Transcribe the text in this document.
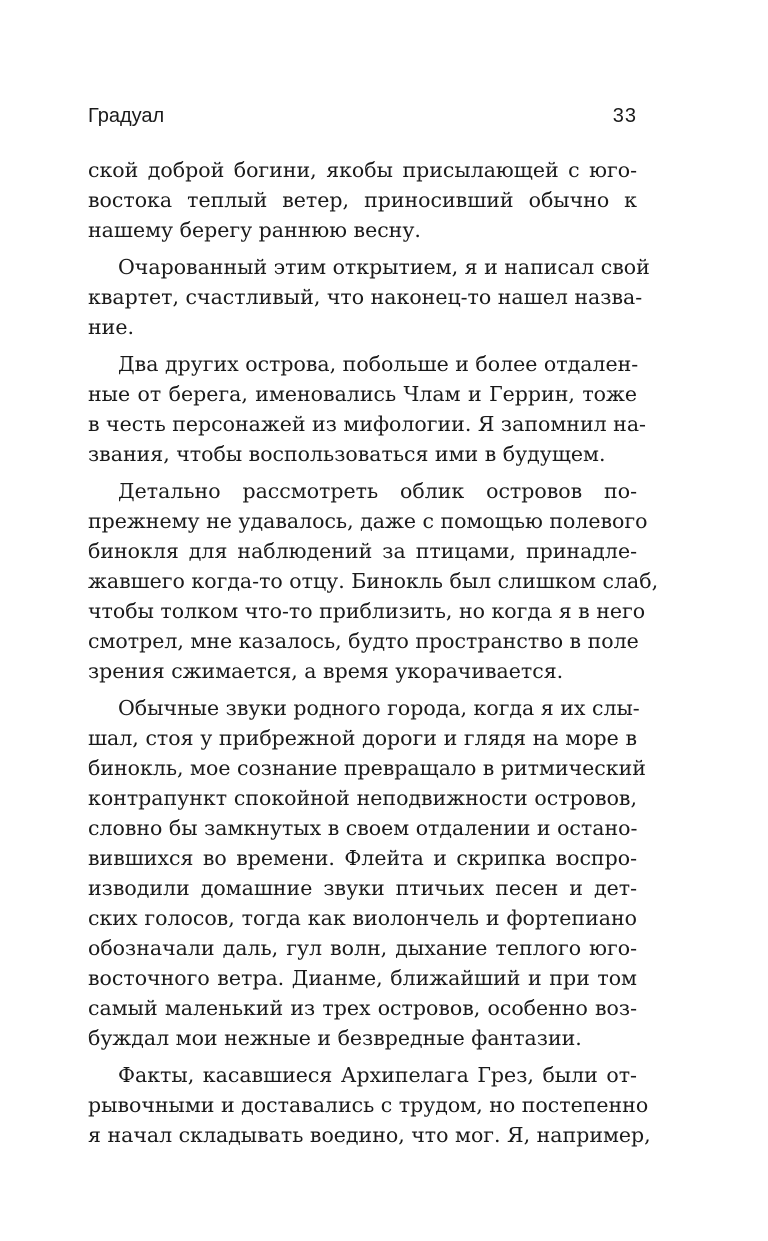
Градуал	33

ской доброй богини, якобы присылающей с юго-
востока теплый ветер, приносивший обычно к
нашему берегу раннюю весну.

Очарованный этим открытием, я и написал свой
квартет, счастливый, что наконец-то нашел назва-
ние.

Два других острова, побольше и более отдален-
ные от берега, именовались Члам и Геррин, тоже
в честь персонажей из мифологии. Я запомнил на-
звания, чтобы воспользоваться ими в будущем.

Детально рассмотреть облик островов по-
прежнему не удавалось, даже с помощью полевого
бинокля для наблюдений за птицами, принадле-
жавшего когда-то отцу. Бинокль был слишком слаб,
чтобы толком что-то приблизить, но когда я в него
смотрел, мне казалось, будто пространство в поле
зрения сжимается, а время укорачивается.

Обычные звуки родного города, когда я их слы-
шал, стоя у прибрежной дороги и глядя на море в
бинокль, мое сознание превращало в ритмический
контрапункт спокойной неподвижности островов,
словно бы замкнутых в своем отдалении и остано-
вившихся во времени. Флейта и скрипка воспро-
изводили домашние звуки птичьих песен и дет-
ских голосов, тогда как виолончель и фортепиано
обозначали даль, гул волн, дыхание теплого юго-
восточного ветра. Дианме, ближайший и при том
самый маленький из трех островов, особенно воз-
буждал мои нежные и безвредные фантазии.

Факты, касавшиеся Архипелага Грез, были от-
рывочными и доставались с трудом, но постепенно
я начал складывать воедино, что мог. Я, например,
